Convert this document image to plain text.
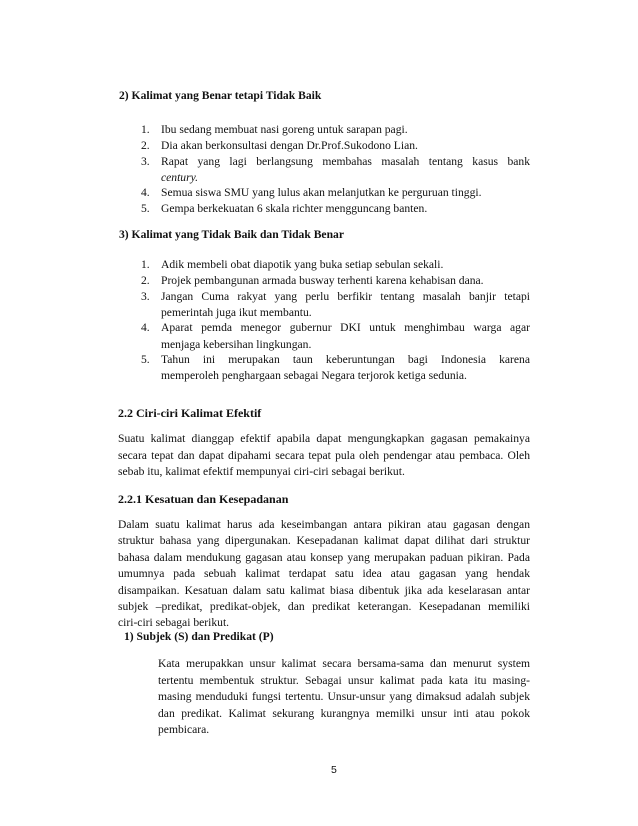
2) Kalimat yang Benar tetapi Tidak Baik
1. Ibu sedang membuat nasi goreng untuk sarapan pagi.
2. Dia akan berkonsultasi dengan Dr.Prof.Sukodono Lian.
3. Rapat yang lagi berlangsung membahas masalah tentang kasus bank
century.
4. Semua siswa SMU yang lulus akan melanjutkan ke perguruan tinggi.
5. Gempa berkekuatan 6 skala richter mengguncang banten.
3) Kalimat yang Tidak Baik dan Tidak Benar
1. Adik membeli obat diapotik yang buka setiap sebulan sekali.
2. Projek pembangunan armada busway terhenti karena kehabisan dana.
3. Jangan Cuma rakyat yang perlu berfikir tentang masalah banjir tetapi
pemerintah juga ikut membantu.
4. Aparat pemda menegor gubernur DKI untuk menghimbau warga agar
menjaga kebersihan lingkungan.
5. Tahun ini merupakan taun keberuntungan bagi Indonesia karena
memperoleh penghargaan sebagai Negara terjorok ketiga sedunia.
2.2 Ciri-ciri Kalimat Efektif
Suatu kalimat dianggap efektif apabila dapat mengungkapkan gagasan pemakainya
secara tepat dan dapat dipahami secara tepat pula oleh pendengar atau pembaca. Oleh
sebab itu, kalimat efektif mempunyai ciri-ciri sebagai berikut.
2.2.1 Kesatuan dan Kesepadanan
Dalam suatu kalimat harus ada keseimbangan antara pikiran atau gagasan dengan
struktur bahasa yang dipergunakan. Kesepadanan kalimat dapat dilihat dari struktur
bahasa dalam mendukung gagasan atau konsep yang merupakan paduan pikiran. Pada
umumnya pada sebuah kalimat terdapat satu idea atau gagasan yang hendak
disampaikan. Kesatuan dalam satu kalimat biasa dibentuk jika ada keselarasan antar
subjek –predikat, predikat-objek, dan predikat keterangan. Kesepadanan memiliki
ciri-ciri sebagai berikut.
1) Subjek (S) dan Predikat (P)
Kata merupakkan unsur kalimat secara bersama-sama dan menurut system
tertentu membentuk struktur. Sebagai unsur kalimat pada kata itu masing-
masing menduduki fungsi tertentu. Unsur-unsur yang dimaksud adalah subjek
dan predikat. Kalimat sekurang kurangnya memilki unsur inti atau pokok
pembicara.
5
